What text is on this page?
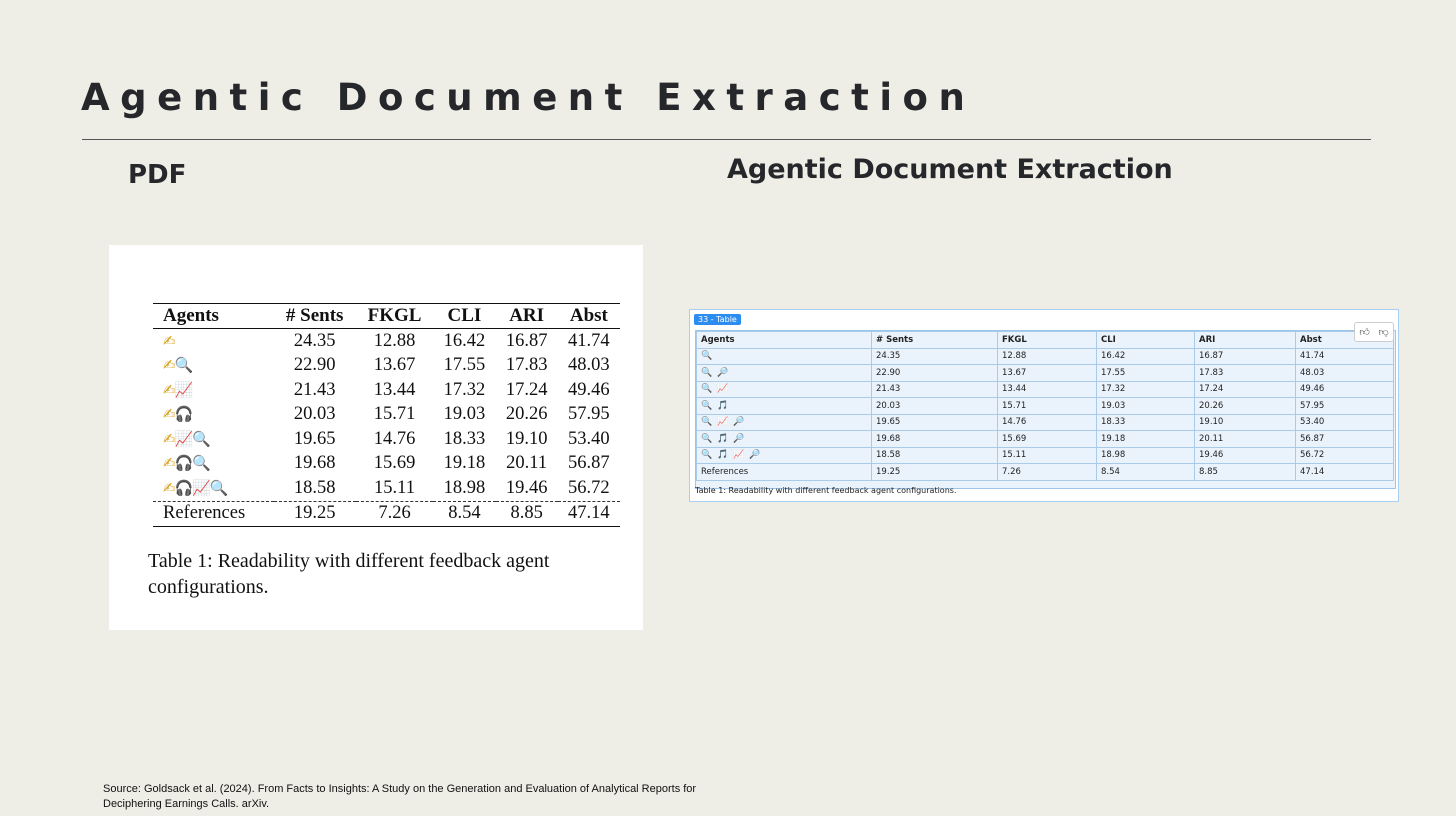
Agentic Document Extraction
PDF	Agentic Document Extraction
Agents	# Sents	FKGL	CLI	ARI	Abst
✍	24.35	12.88	16.42	16.87	41.74
✍🔍	22.90	13.67	17.55	17.83	48.03
✍📈	21.43	13.44	17.32	17.24	49.46
✍🎧	20.03	15.71	19.03	20.26	57.95
✍📈🔍	19.65	14.76	18.33	19.10	53.40
✍🎧🔍	19.68	15.69	19.18	20.11	56.87
✍🎧📈🔍	18.58	15.11	18.98	19.46	56.72
References	19.25	7.26	8.54	8.85	47.14

Table 1: Readability with different feedback agent configurations.

33 - Table
Agents	# Sents	FKGL	CLI	ARI	Abst
🔍	24.35	12.88	16.42	16.87	41.74
🔍 🔎	22.90	13.67	17.55	17.83	48.03
🔍 📈	21.43	13.44	17.32	17.24	49.46
🔍 🎵	20.03	15.71	19.03	20.26	57.95
🔍 📈 🔎	19.65	14.76	18.33	19.10	53.40
🔍 🎵 🔎	19.68	15.69	19.18	20.11	56.87
🔍 🎵 📈 🔎	18.58	15.11	18.98	19.46	56.72
References	19.25	7.26	8.54	8.85	47.14
👍︎ 👎︎

Table 1: Readability with different feedback agent configurations.

Source: Goldsack et al. (2024). From Facts to Insights: A Study on the Generation and Evaluation of Analytical Reports for Deciphering Earnings Calls. arXiv.
